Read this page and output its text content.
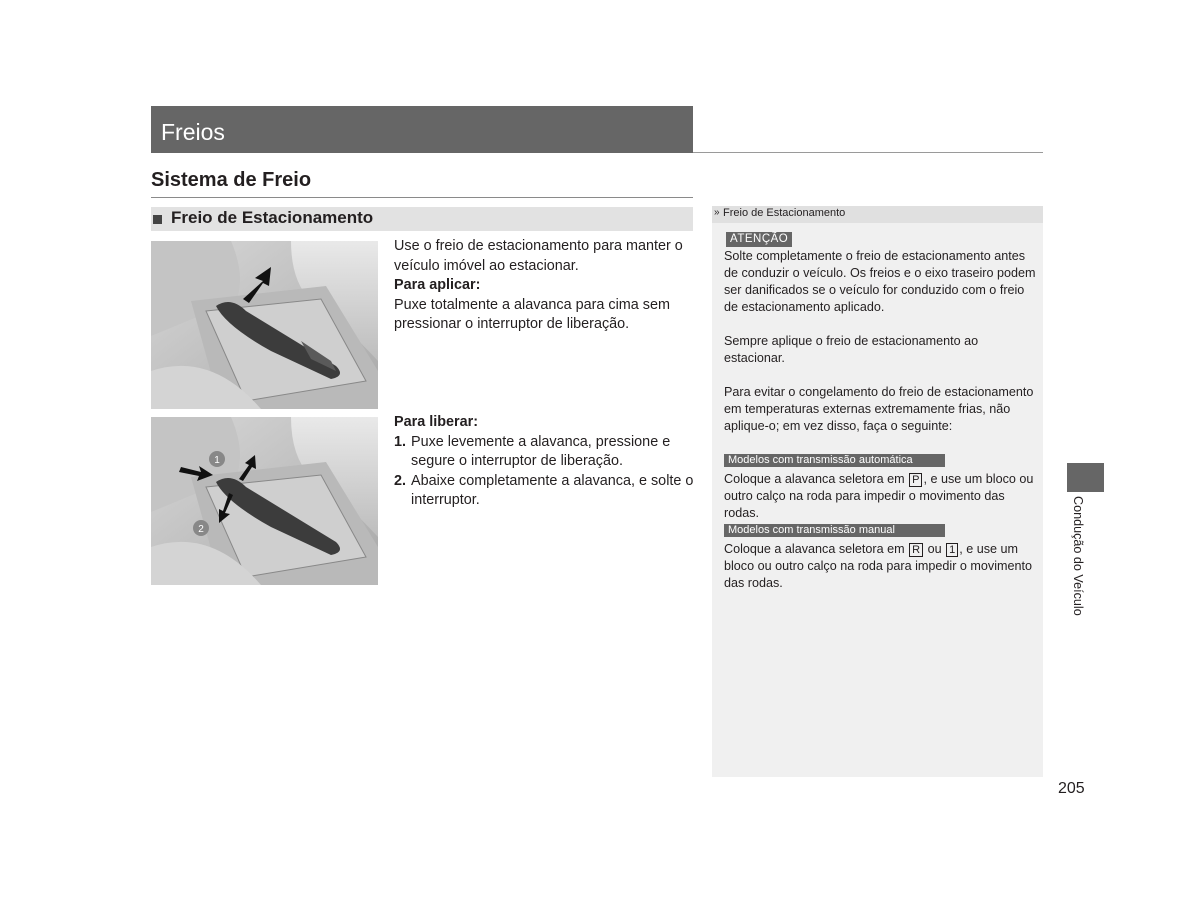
Freios
Sistema de Freio
Freio de Estacionamento
1
2

Use o freio de estacionamento para manter o veículo imóvel ao estacionar.

Para aplicar:

Puxe totalmente a alavanca para cima sem pressionar o interruptor de liberação.

Para liberar:

1. Puxe levemente a alavanca, pressione e segure o interruptor de liberação.

2. Abaixe completamente a alavanca, e solte o interruptor.

» Freio de Estacionamento
ATENÇÃO

Solte completamente o freio de estacionamento antes de conduzir o veículo. Os freios e o eixo traseiro podem ser danificados se o veículo for conduzido com o freio de estacionamento aplicado.

Sempre aplique o freio de estacionamento ao estacionar.

Para evitar o congelamento do freio de estacionamento em temperaturas externas extremamente frias, não aplique-o; em vez disso, faça o seguinte:

Modelos com transmissão automática

Coloque a alavanca seletora em P , e use um bloco ou outro calço na roda para impedir o movimento das rodas.

Modelos com transmissão manual

Coloque a alavanca seletora em R ou 1 , e use um bloco ou outro calço na roda para impedir o movimento das rodas.	Condução do Veículo
205
